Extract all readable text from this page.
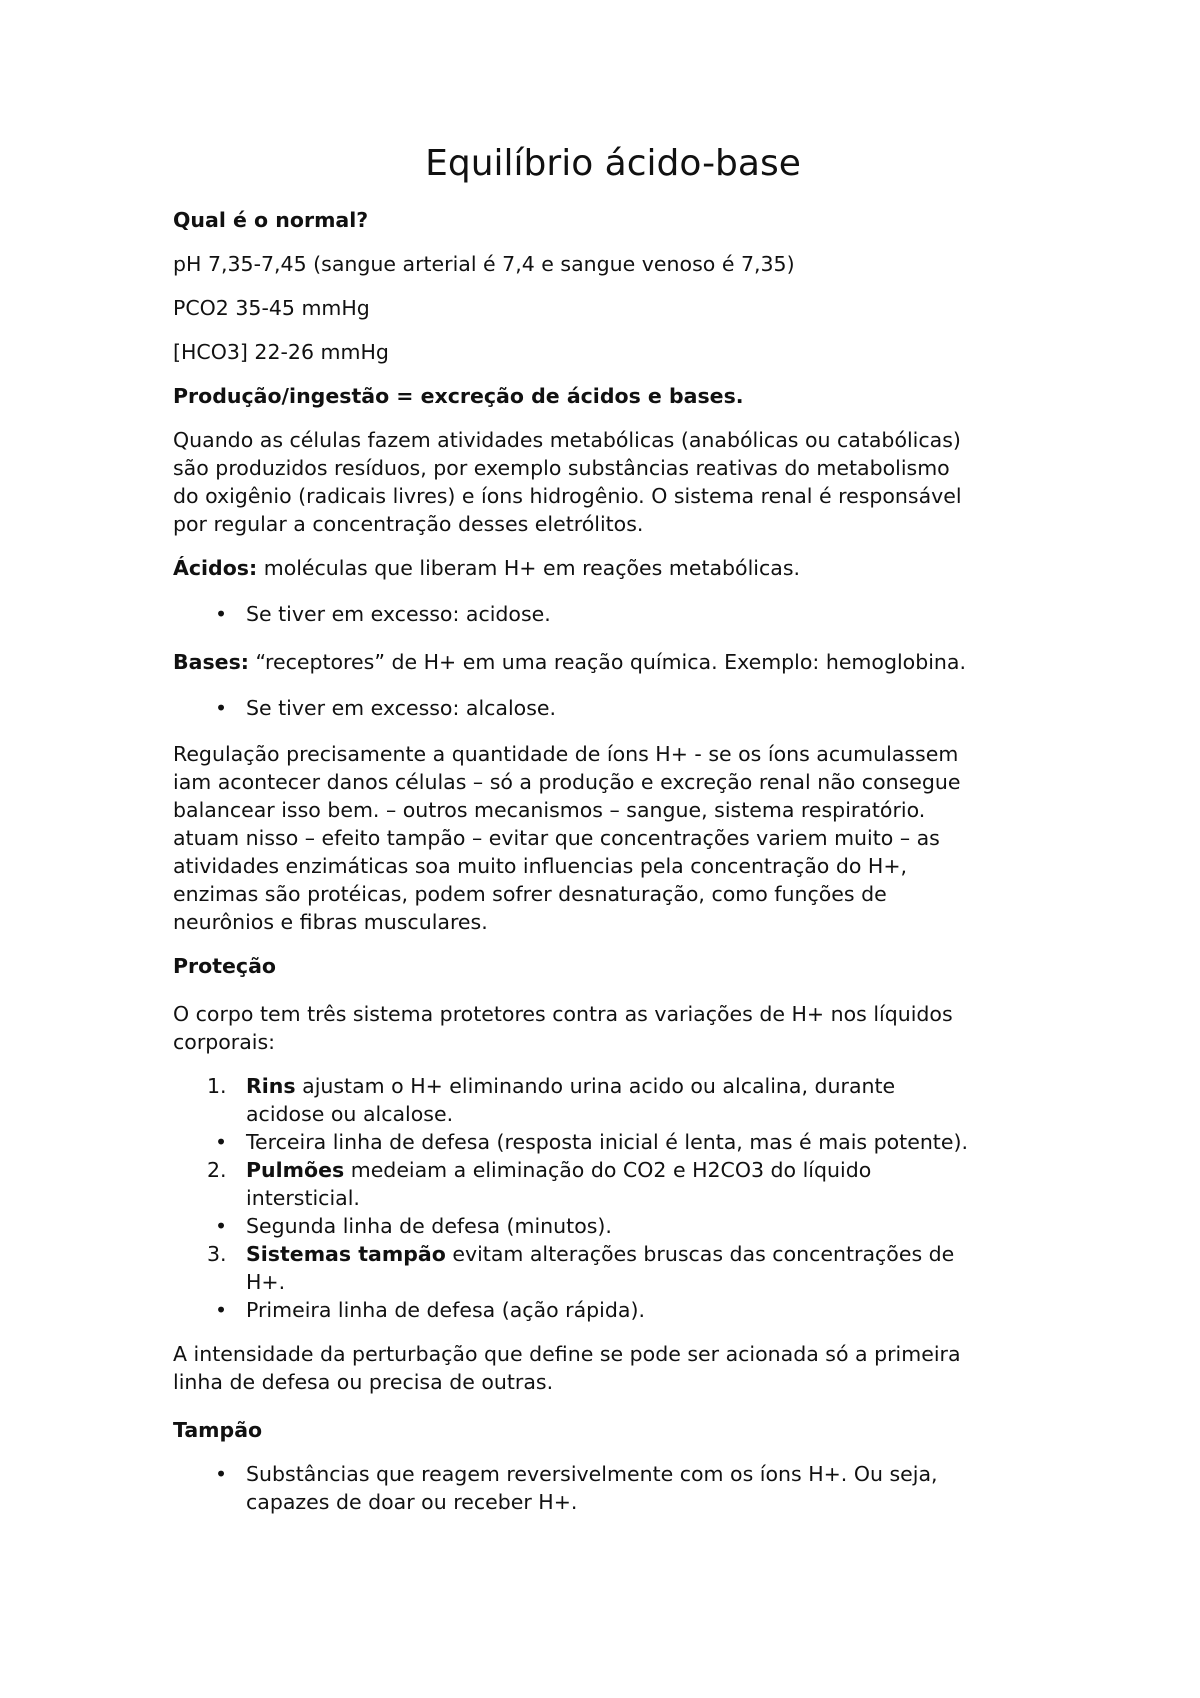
Equilíbrio ácido-base

Qual é o normal?

pH 7,35-7,45 (sangue arterial é 7,4 e sangue venoso é 7,35)

PCO2 35-45 mmHg

[HCO3] 22-26 mmHg

Produção/ingestão = excreção de ácidos e bases.

Quando as células fazem atividades metabólicas (anabólicas ou catabólicas)

são produzidos resíduos, por exemplo substâncias reativas do metabolismo

do oxigênio (radicais livres) e íons hidrogênio. O sistema renal é responsável

por regular a concentração desses eletrólitos.

Ácidos: moléculas que liberam H+ em reações metabólicas.

• Se tiver em excesso: acidose.

Bases: “receptores” de H+ em uma reação química. Exemplo: hemoglobina.

• Se tiver em excesso: alcalose.

Regulação precisamente a quantidade de íons H+ - se os íons acumulassem

iam acontecer danos células – só a produção e excreção renal não consegue

balancear isso bem. – outros mecanismos – sangue, sistema respiratório.

atuam nisso – efeito tampão – evitar que concentrações variem muito – as

atividades enzimáticas soa muito influencias pela concentração do H+,

enzimas são protéicas, podem sofrer desnaturação, como funções de

neurônios e fibras musculares.

Proteção

O corpo tem três sistema protetores contra as variações de H+ nos líquidos

corporais:

1. Rins ajustam o H+ eliminando urina acido ou alcalina, durante
acidose ou alcalose.
• Terceira linha de defesa (resposta inicial é lenta, mas é mais potente).
2. Pulmões medeiam a eliminação do CO2 e H2CO3 do líquido
intersticial.
• Segunda linha de defesa (minutos).
3. Sistemas tampão evitam alterações bruscas das concentrações de
H+.
• Primeira linha de defesa (ação rápida).

A intensidade da perturbação que define se pode ser acionada só a primeira

linha de defesa ou precisa de outras.

Tampão

• Substâncias que reagem reversivelmente com os íons H+. Ou seja,
capazes de doar ou receber H+.
